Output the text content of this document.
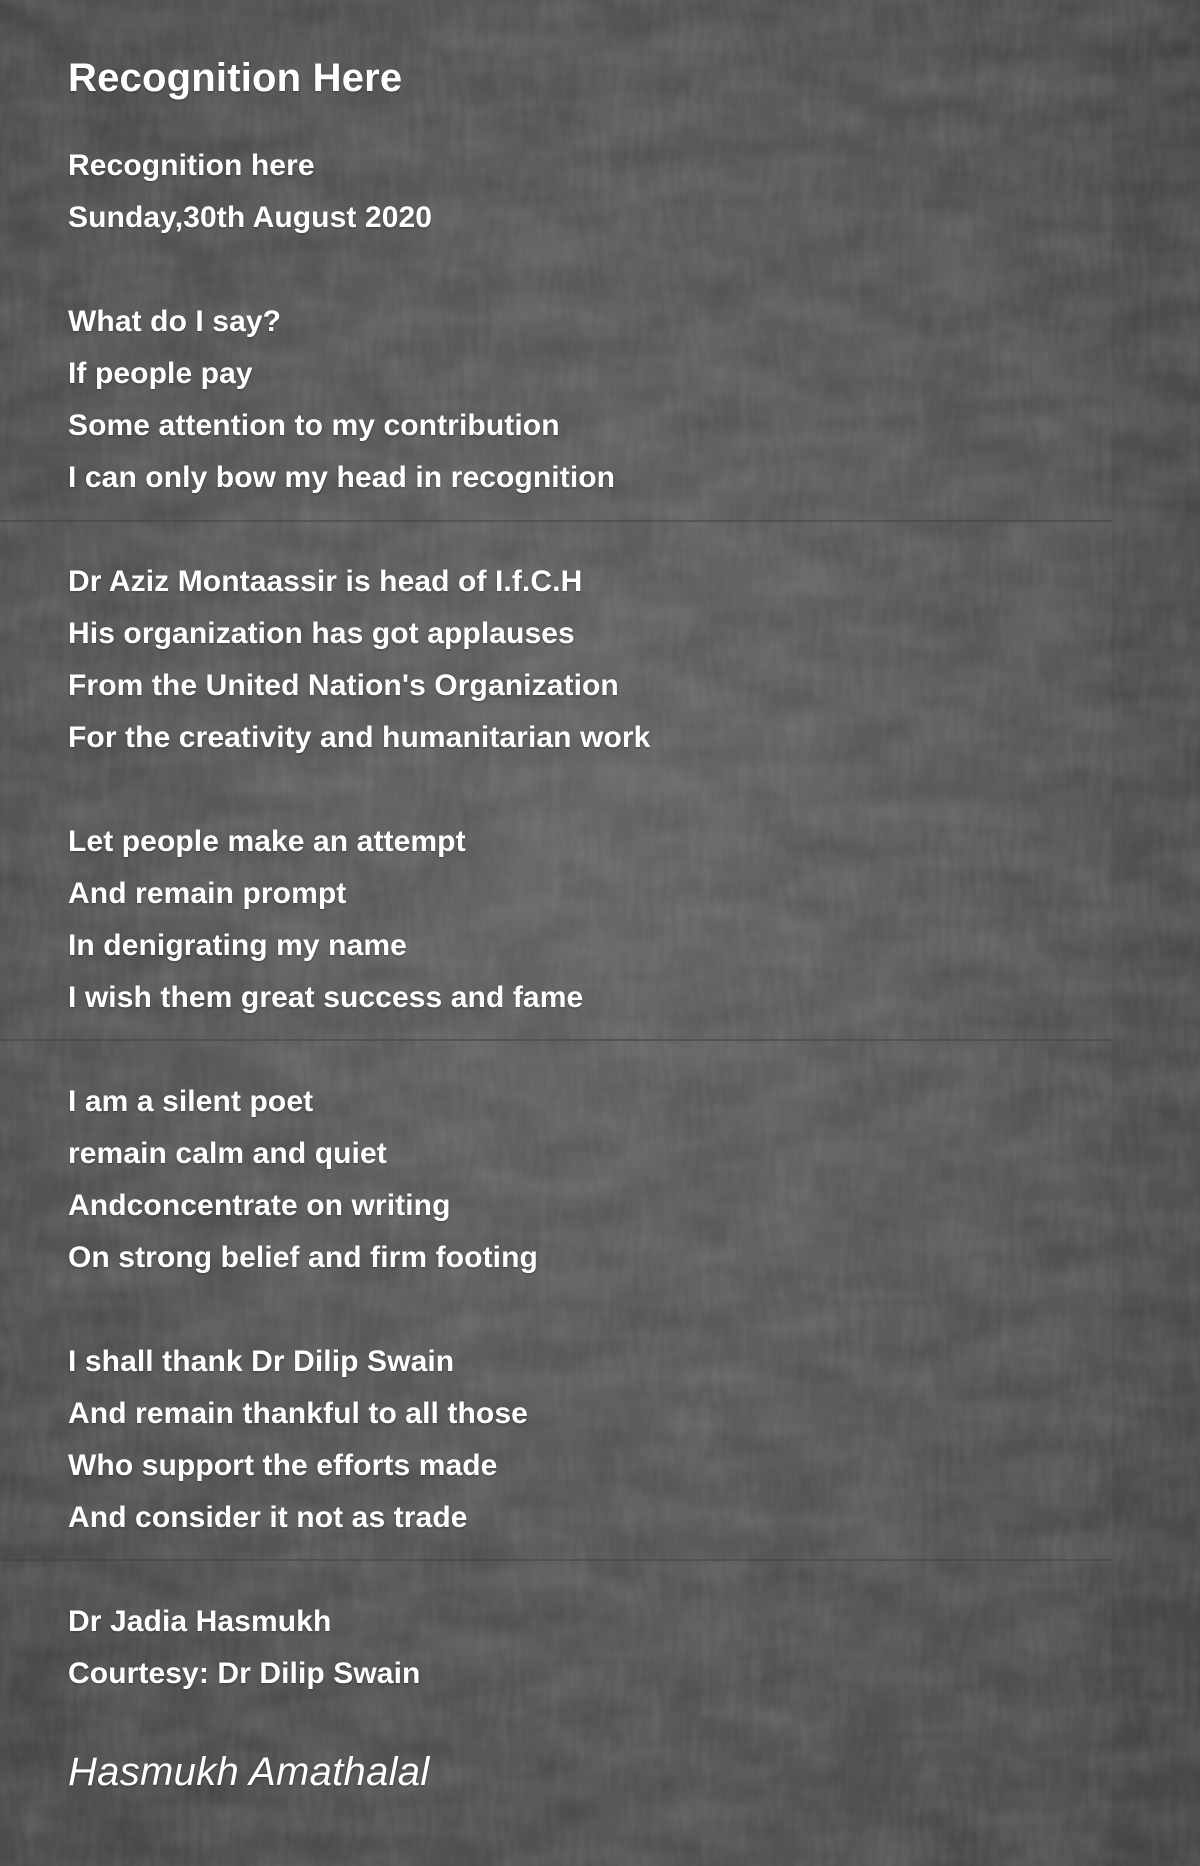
Recognition Here
Recognition here
Sunday,30th August 2020
What do I say?
If people pay
Some attention to my contribution
I can only bow my head in recognition
Dr Aziz Montaassir is head of I.f.C.H
His organization has got applauses
From the United Nation's Organization
For the creativity and humanitarian work
Let people make an attempt
And remain prompt
In denigrating my name
I wish them great success and fame
I am a silent poet
remain calm and quiet
Andconcentrate on writing
On strong belief and firm footing
I shall thank Dr Dilip Swain
And remain thankful to all those
Who support the efforts made
And consider it not as trade
Dr Jadia Hasmukh
Courtesy: Dr Dilip Swain
Hasmukh Amathalal
